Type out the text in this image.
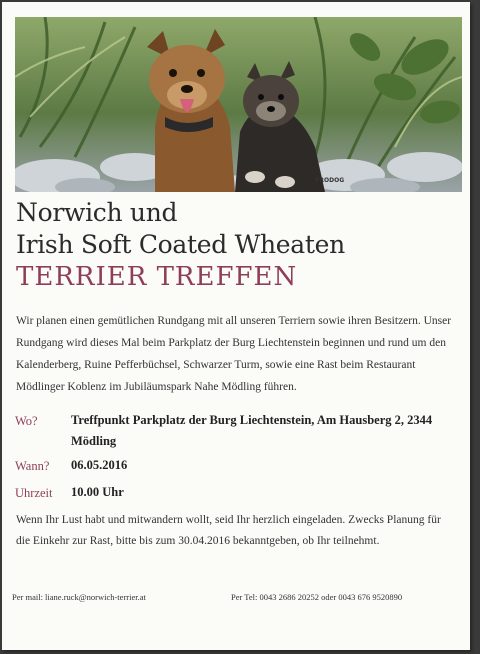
PRODOG
Norwich und
Irish Soft Coated Wheaten
TERRIER TREFFEN
Wir planen einen gemütlichen Rundgang mit all unseren Terriern sowie ihren Besitzern. Unser Rundgang wird dieses Mal beim Parkplatz der Burg Liechtenstein beginnen und rund um den Kalenderberg, Ruine Pefferbüchsel, Schwarzer Turm, sowie eine Rast beim Restaurant Mödlinger Koblenz im Jubiläumspark Nahe Mödling führen.
Wo?	Treffpunkt Parkplatz der Burg Liechtenstein, Am Hausberg 2, 2344 Mödling
Wann? 06.05.2016
Uhrzeit 10.00 Uhr
Wenn Ihr Lust habt und mitwandern wollt, seid Ihr herzlich eingeladen. Zwecks Planung für die Einkehr zur Rast, bitte bis zum 30.04.2016 bekanntgeben, ob Ihr teilnehmt.
Per mail: liane.ruck@norwich-terrier.at	Per Tel: 0043 2686 20252 oder 0043 676 9520890
